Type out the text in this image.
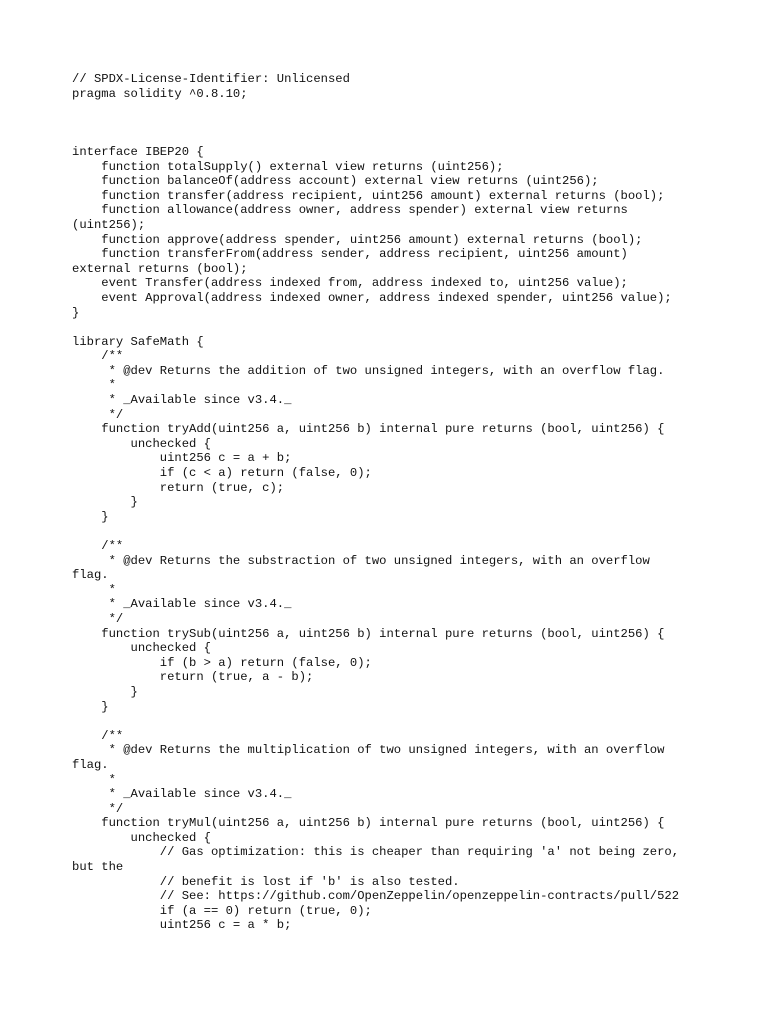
// SPDX-License-Identifier: Unlicensed
pragma solidity ^0.8.10;
interface IBEP20 {
function totalSupply() external view returns (uint256);
function balanceOf(address account) external view returns (uint256);
function transfer(address recipient, uint256 amount) external returns (bool);
function allowance(address owner, address spender) external view returns
(uint256);
function approve(address spender, uint256 amount) external returns (bool);
function transferFrom(address sender, address recipient, uint256 amount)
external returns (bool);
event Transfer(address indexed from, address indexed to, uint256 value);
event Approval(address indexed owner, address indexed spender, uint256 value);
}
library SafeMath {
/**
* @dev Returns the addition of two unsigned integers, with an overflow flag.
*
* _Available since v3.4._
*/
function tryAdd(uint256 a, uint256 b) internal pure returns (bool, uint256) {
unchecked {
uint256 c = a + b;
if (c < a) return (false, 0);
return (true, c);
}
}
/**
* @dev Returns the substraction of two unsigned integers, with an overflow
flag.
*
* _Available since v3.4._
*/
function trySub(uint256 a, uint256 b) internal pure returns (bool, uint256) {
unchecked {
if (b > a) return (false, 0);
return (true, a - b);
}
}
/**
* @dev Returns the multiplication of two unsigned integers, with an overflow
flag.
*
* _Available since v3.4._
*/
function tryMul(uint256 a, uint256 b) internal pure returns (bool, uint256) {
unchecked {
// Gas optimization: this is cheaper than requiring 'a' not being zero,
but the
// benefit is lost if 'b' is also tested.
// See: https://github.com/OpenZeppelin/openzeppelin-contracts/pull/522
if (a == 0) return (true, 0);
uint256 c = a * b;
